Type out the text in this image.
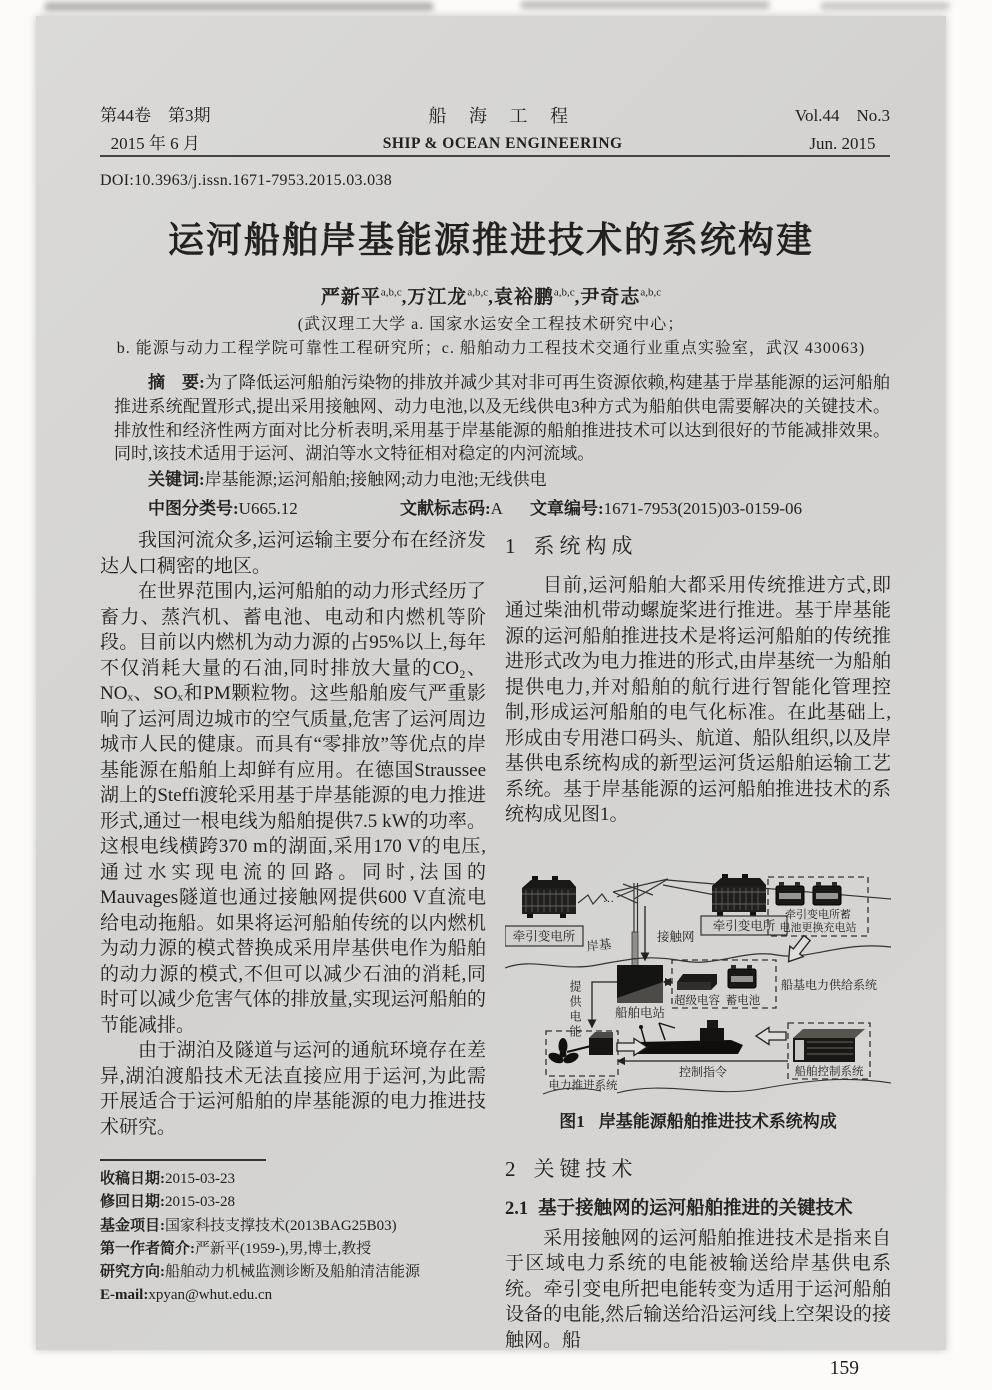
第44卷　第3期
2015 年 6 月
船 海 工 程
SHIP & OCEAN ENGINEERING
Vol.44　No.3
Jun. 2015
DOI:10.3963/j.issn.1671-7953.2015.03.038
运河船舶岸基能源推进技术的系统构建
严新平$^{a,b,c}$,万江龙$^{a,b,c}$,袁裕鹏$^{a,b,c}$,尹奇志$^{a,b,c}$
(武汉理工大学 a. 国家水运安全工程技术研究中心；
b. 能源与动力工程学院可靠性工程研究所；c. 船舶动力工程技术交通行业重点实验室，武汉 430063)

摘　要:为了降低运河船舶污染物的排放并减少其对非可再生资源依赖,构建基于岸基能源的运河船舶推进系统配置形式,提出采用接触网、动力电池,以及无线供电3种方式为船舶供电需要解决的关键技术。排放性和经济性两方面对比分析表明,采用基于岸基能源的船舶推进技术可以达到很好的节能减排效果。同时,该技术适用于运河、湖泊等水文特征相对稳定的内河流域。

关键词:岸基能源;运河船舶;接触网;动力电池;无线供电

中图分类号:U665.12	文献标志码:A	文章编号:1671-7953(2015)03-0159-06

我国河流众多,运河运输主要分布在经济发达人口稠密的地区。

在世界范围内,运河船舶的动力形式经历了畜力、蒸汽机、蓄电池、电动和内燃机等阶段。目前以内燃机为动力源的占95%以上,每年不仅消耗大量的石油,同时排放大量的CO₂、NOₓ、SOₓ和PM颗粒物。这些船舶废气严重影响了运河周边城市的空气质量,危害了运河周边城市人民的健康。而具有“零排放”等优点的岸基能源在船舶上却鲜有应用。在德国Straussee湖上的Steffi渡轮采用基于岸基能源的电力推进形式,通过一根电线为船舶提供7.5 kW的功率。这根电线横跨370 m的湖面,采用170 V的电压,通过水实现电流的回路。同时,法国的Mauvages隧道也通过接触网提供600 V直流电给电动拖船。如果将运河船舶传统的以内燃机为动力源的模式替换成采用岸基供电作为船舶的动力源的模式,不但可以减少石油的消耗,同时可以减少危害气体的排放量,实现运河船舶的节能减排。

由于湖泊及隧道与运河的通航环境存在差异,湖泊渡船技术无法直接应用于运河,为此需开展适合于运河船舶的岸基能源的电力推进技术研究。

收稿日期:2015-03-23
修回日期:2015-03-28
基金项目:国家科技支撑技术(2013BAG25B03)
第一作者简介:严新平(1959-),男,博士,教授
研究方向:船舶动力机械监测诊断及船舶清洁能源
E-mail:xpyan@whut.edu.cn
1 系统构成

目前,运河船舶大都采用传统推进方式,即通过柴油机带动螺旋桨进行推进。基于岸基能源的运河船舶推进技术是将运河船舶的传统推进形式改为电力推进的形式,由岸基统一为船舶提供电力,并对船舶的航行进行智能化管理控制,形成运河船舶的电气化标准。在此基础上,形成由专用港口码头、航道、船队组织,以及岸基供电系统构成的新型运河货运船舶运输工艺系统。基于岸基能源的运河船舶推进技术的系统构成见图1。

…
牵引变电所
牵引变电所
牵引变电所蓄
电池更换充电站
岸基
接触网
船舶电站
超级电容 蓄电池
船基电力供给系统
提供电能
电力推进系统
船舶控制系统
控制指令
图1 岸基能源船舶推进技术系统构成
2 关键技术
2.1 基于接触网的运河船舶推进的关键技术

采用接触网的运河船舶推进技术是指来自于区域电力系统的电能被输送给岸基供电系统。牵引变电所把电能转变为适用于运河船舶设备的电能,然后输送给沿运河线上空架设的接触网。船

159
